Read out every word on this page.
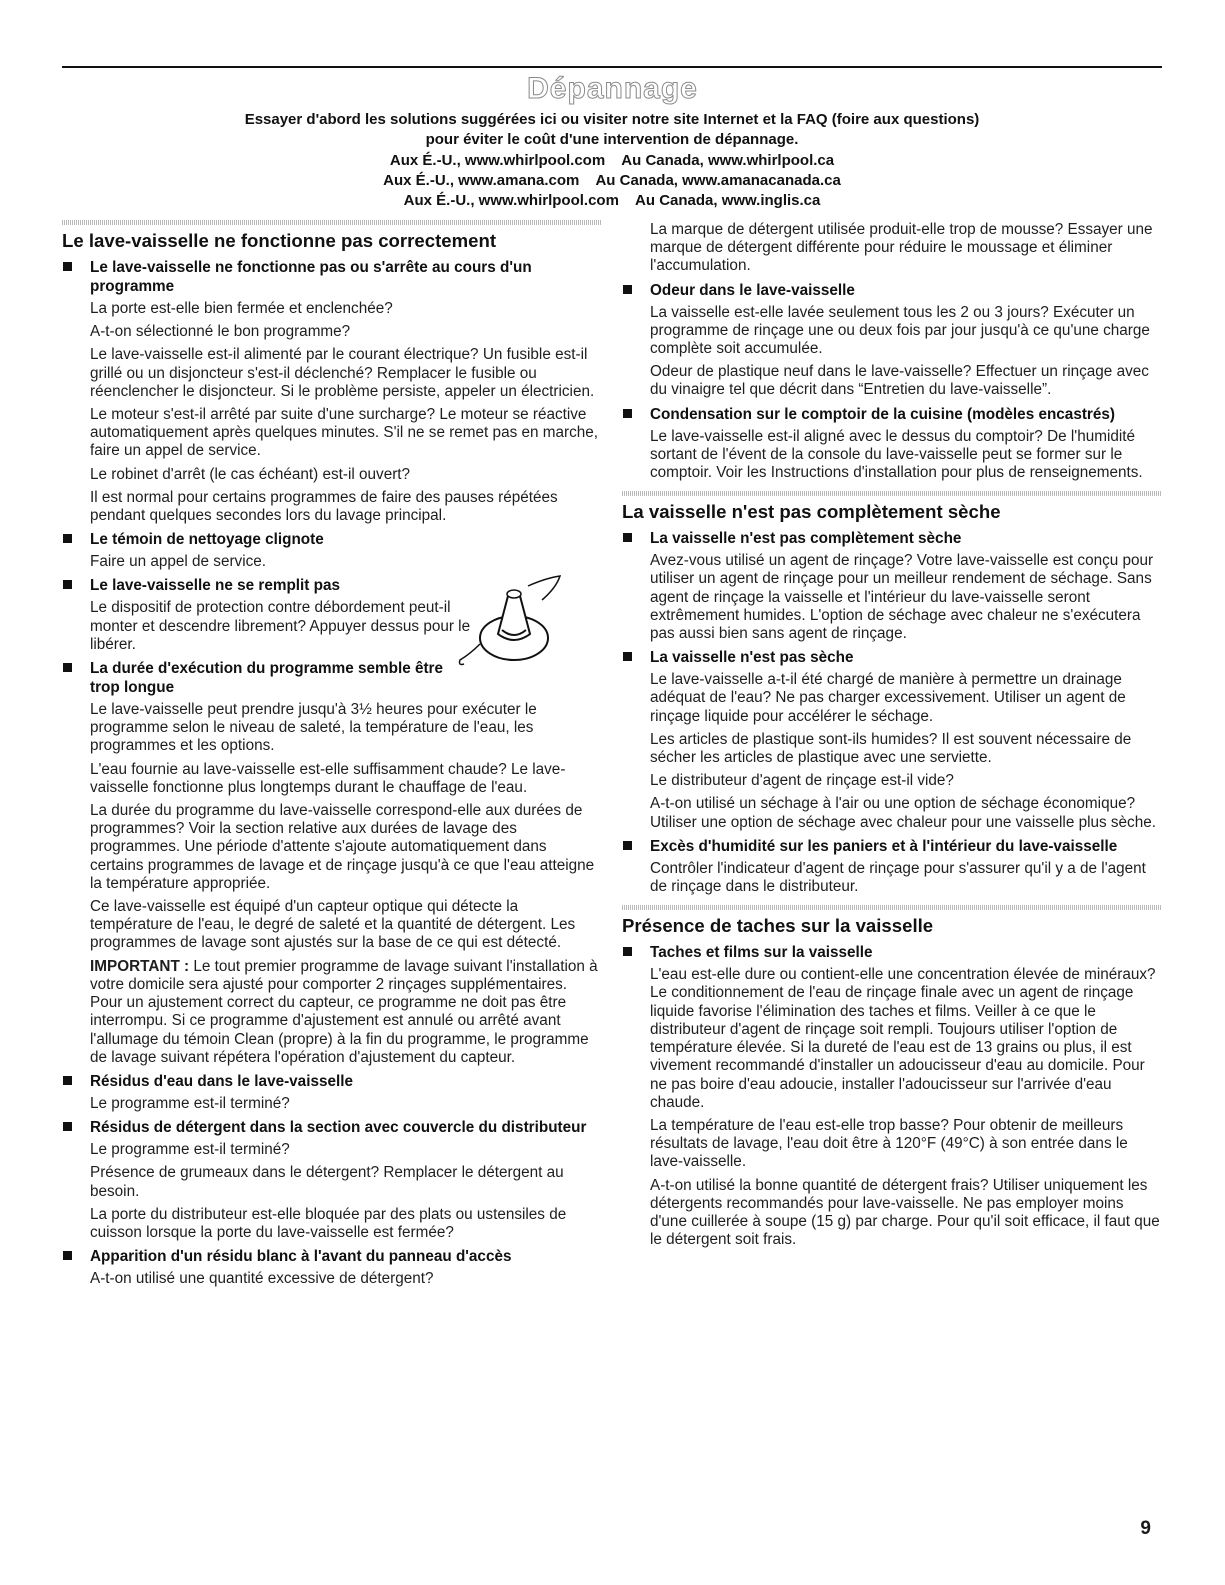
Dépannage
Essayer d'abord les solutions suggérées ici ou visiter notre site Internet et la FAQ (foire aux questions)
pour éviter le coût d'une intervention de dépannage.
Aux É.-U., www.whirlpool.com    Au Canada, www.whirlpool.ca
Aux É.-U., www.amana.com    Au Canada, www.amanacanada.ca
Aux É.-U., www.whirlpool.com    Au Canada, www.inglis.ca
Le lave-vaisselle ne fonctionne pas correctement
Le lave-vaisselle ne fonctionne pas ou s'arrête au cours d'un programme
La porte est-elle bien fermée et enclenchée?
A-t-on sélectionné le bon programme?
Le lave-vaisselle est-il alimenté par le courant électrique? Un fusible est-il grillé ou un disjoncteur s'est-il déclenché? Remplacer le fusible ou réenclencher le disjoncteur. Si le problème persiste, appeler un électricien.
Le moteur s'est-il arrêté par suite d'une surcharge? Le moteur se réactive automatiquement après quelques minutes. S'il ne se remet pas en marche, faire un appel de service.
Le robinet d'arrêt (le cas échéant) est-il ouvert?
Il est normal pour certains programmes de faire des pauses répétées pendant quelques secondes lors du lavage principal.
Le témoin de nettoyage clignote
Faire un appel de service.
Le lave-vaisselle ne se remplit pas
Le dispositif de protection contre débordement peut-il monter et descendre librement? Appuyer dessus pour le libérer.
La durée d'exécution du programme semble être trop longue
Le lave-vaisselle peut prendre jusqu'à 3½ heures pour exécuter le programme selon le niveau de saleté, la température de l'eau, les programmes et les options.
L'eau fournie au lave-vaisselle est-elle suffisamment chaude? Le lave-vaisselle fonctionne plus longtemps durant le chauffage de l'eau.
La durée du programme du lave-vaisselle correspond-elle aux durées de programmes? Voir la section relative aux durées de lavage des programmes. Une période d'attente s'ajoute automatiquement dans certains programmes de lavage et de rinçage jusqu'à ce que l'eau atteigne la température appropriée.
Ce lave-vaisselle est équipé d'un capteur optique qui détecte la température de l'eau, le degré de saleté et la quantité de détergent. Les programmes de lavage sont ajustés sur la base de ce qui est détecté.
IMPORTANT : Le tout premier programme de lavage suivant l'installation à votre domicile sera ajusté pour comporter 2 rinçages supplémentaires. Pour un ajustement correct du capteur, ce programme ne doit pas être interrompu. Si ce programme d'ajustement est annulé ou arrêté avant l'allumage du témoin Clean (propre) à la fin du programme, le programme de lavage suivant répétera l'opération d'ajustement du capteur.
Résidus d'eau dans le lave-vaisselle
Le programme est-il terminé?
Résidus de détergent dans la section avec couvercle du distributeur
Le programme est-il terminé?
Présence de grumeaux dans le détergent? Remplacer le détergent au besoin.
La porte du distributeur est-elle bloquée par des plats ou ustensiles de cuisson lorsque la porte du lave-vaisselle est fermée?
Apparition d'un résidu blanc à l'avant du panneau d'accès
A-t-on utilisé une quantité excessive de détergent?
La marque de détergent utilisée produit-elle trop de mousse? Essayer une marque de détergent différente pour réduire le moussage et éliminer l'accumulation.
Odeur dans le lave-vaisselle
La vaisselle est-elle lavée seulement tous les 2 ou 3 jours? Exécuter un programme de rinçage une ou deux fois par jour jusqu'à ce qu'une charge complète soit accumulée.
Odeur de plastique neuf dans le lave-vaisselle? Effectuer un rinçage avec du vinaigre tel que décrit dans “Entretien du lave-vaisselle”.
Condensation sur le comptoir de la cuisine (modèles encastrés)
Le lave-vaisselle est-il aligné avec le dessus du comptoir? De l'humidité sortant de l'évent de la console du lave-vaisselle peut se former sur le comptoir. Voir les Instructions d'installation pour plus de renseignements.
La vaisselle n'est pas complètement sèche
La vaisselle n'est pas complètement sèche
Avez-vous utilisé un agent de rinçage? Votre lave-vaisselle est conçu pour utiliser un agent de rinçage pour un meilleur rendement de séchage. Sans agent de rinçage la vaisselle et l'intérieur du lave-vaisselle seront extrêmement humides. L'option de séchage avec chaleur ne s'exécutera pas aussi bien sans agent de rinçage.
La vaisselle n'est pas sèche
Le lave-vaisselle a-t-il été chargé de manière à permettre un drainage adéquat de l'eau? Ne pas charger excessivement. Utiliser un agent de rinçage liquide pour accélérer le séchage.
Les articles de plastique sont-ils humides? Il est souvent nécessaire de sécher les articles de plastique avec une serviette.
Le distributeur d'agent de rinçage est-il vide?
A-t-on utilisé un séchage à l'air ou une option de séchage économique? Utiliser une option de séchage avec chaleur pour une vaisselle plus sèche.
Excès d'humidité sur les paniers et à l'intérieur du lave-vaisselle
Contrôler l'indicateur d'agent de rinçage pour s'assurer qu'il y a de l'agent de rinçage dans le distributeur.
Présence de taches sur la vaisselle
Taches et films sur la vaisselle
L'eau est-elle dure ou contient-elle une concentration élevée de minéraux? Le conditionnement de l'eau de rinçage finale avec un agent de rinçage liquide favorise l'élimination des taches et films. Veiller à ce que le distributeur d'agent de rinçage soit rempli. Toujours utiliser l'option de température élevée. Si la dureté de l'eau est de 13 grains ou plus, il est vivement recommandé d'installer un adoucisseur d'eau au domicile. Pour ne pas boire d'eau adoucie, installer l'adoucisseur sur l'arrivée d'eau chaude.
La température de l'eau est-elle trop basse? Pour obtenir de meilleurs résultats de lavage, l'eau doit être à 120°F (49°C) à son entrée dans le lave-vaisselle.
A-t-on utilisé la bonne quantité de détergent frais? Utiliser uniquement les détergents recommandés pour lave-vaisselle. Ne pas employer moins d'une cuillerée à soupe (15 g) par charge. Pour qu'il soit efficace, il faut que le détergent soit frais.
9
